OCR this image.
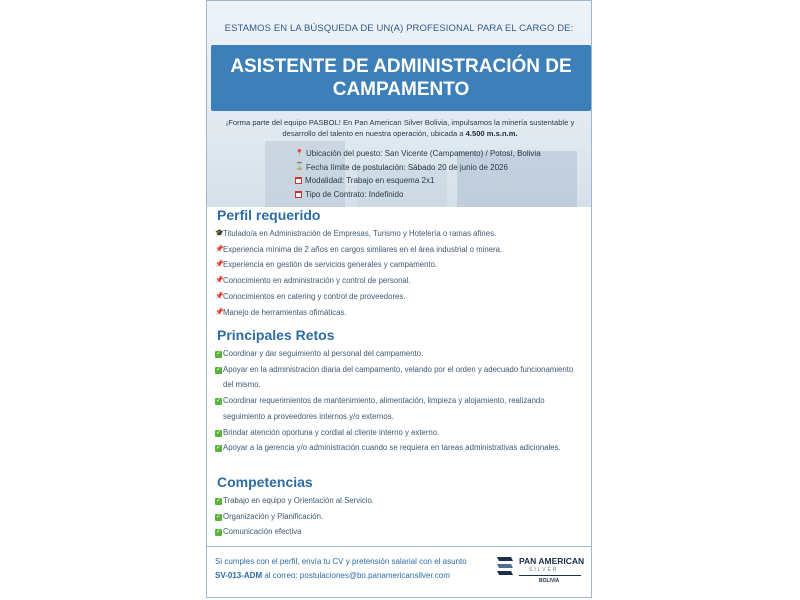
ESTAMOS EN LA BÚSQUEDA DE UN(A) PROFESIONAL PARA EL CARGO DE:
ASISTENTE DE ADMINISTRACIÓN DE
CAMPAMENTO
¡Forma parte del equipo PASBOL! En Pan American Silver Bolivia, impulsamos la minería sustentable y desarrollo del talento en nuestra operación, ubicada a 4.500 m.s.n.m.
📍 Ubicación del puesto: San Vicente (Campamento) / Potosí, Bolivia
⌛ Fecha límite de postulación: Sábado 20 de junio de 2026
Modalidad: Trabajo en esquema 2x1
Tipo de Contrato: Indefinido
Perfil requerido
🎓 Titulado/a en Administración de Empresas, Turismo y Hotelería o ramas afines.
📌 Experiencia mínima de 2 años en cargos similares en el área industrial o minera.
📌 Experiencia en gestión de servicios generales y campamento.
📌 Conocimiento en administración y control de personal.
📌 Conocimientos en catering y control de proveedores.
📌 Manejo de herramientas ofimáticas.
Principales Retos
✓ Coordinar y dar seguimiento al personal del campamento.
✓ Apoyar en la administración diaria del campamento, velando por el orden y adecuado funcionamiento del mismo.
✓ Coordinar requerimientos de mantenimiento, alimentación, limpieza y alojamiento, realizando seguimiento a proveedores internos y/o externos.
✓ Brindar atención oportuna y cordial al cliente interno y externo.
✓ Apoyar a la gerencia y/o administración cuando se requiera en tareas administrativas adicionales.
Competencias
✓ Trabajo en equipo y Orientación al Servicio.
✓ Organización y Planificación.
✓ Comunicación efectiva
Si cumples con el perfil, envía tu CV y pretensión salarial con el asunto
SV-013-ADM al correo: postulaciones@bo.panamericansilver.com
PAN AMERICAN
SILVER
BOLIVIA
